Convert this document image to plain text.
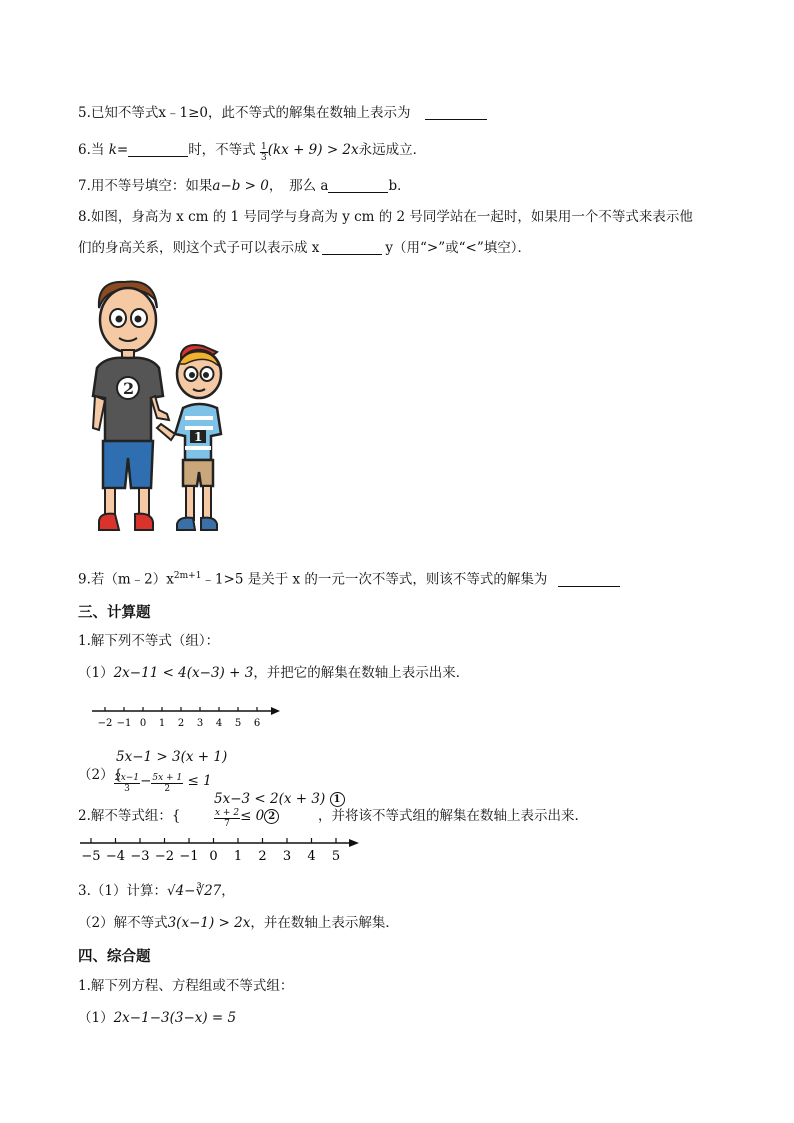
5.已知不等式x﹣1≥0，此不等式的解集在数轴上表示为
6.当 k=	时，不等式 $\frac{1}{3} (kx + 9) > 2x$永远成立．
7.用不等号填空：如果a−b > 0，　那么 a	b．
8.如图，身高为 x cm 的 1 号同学与身高为 y cm 的 2 号同学站在一起时，如果用一个不等式来表示他
们的身高关系，则这个式子可以表示成 x	y（用“>”或“<”填空）．
2
1
9.若$(m﹣2)x^{2m+1}﹣1>5$ 是关于 x 的一元一次不等式，则该不等式的解集为
三、计算题
1.解下列不等式（组）：
（1）2x−11 < 4(x−3) + 3，并把它的解集在数轴上表示出来．
−2 −1 0 1 2 3 4 5 6
（2）{
5x−1 > 3(x + 1)
$\frac{2x-1}{3} - \frac{5x + 1}{2} \le 1$
5x−3 < 2(x + 3) 1
2.解不等式组：{	$\frac{x + 2}{7} \le 0$ 2	，并将该不等式组的解集在数轴上表示出来.
−5 −4 −3 −2 −1 0 1 2 3 4 5
3.（1）计算：√4−∛27，
（2）解不等式3(x−1) > 2x，并在数轴上表示解集．
四、综合题
1.解下列方程、方程组或不等式组：
（1）2x−1−3(3−x) = 5
